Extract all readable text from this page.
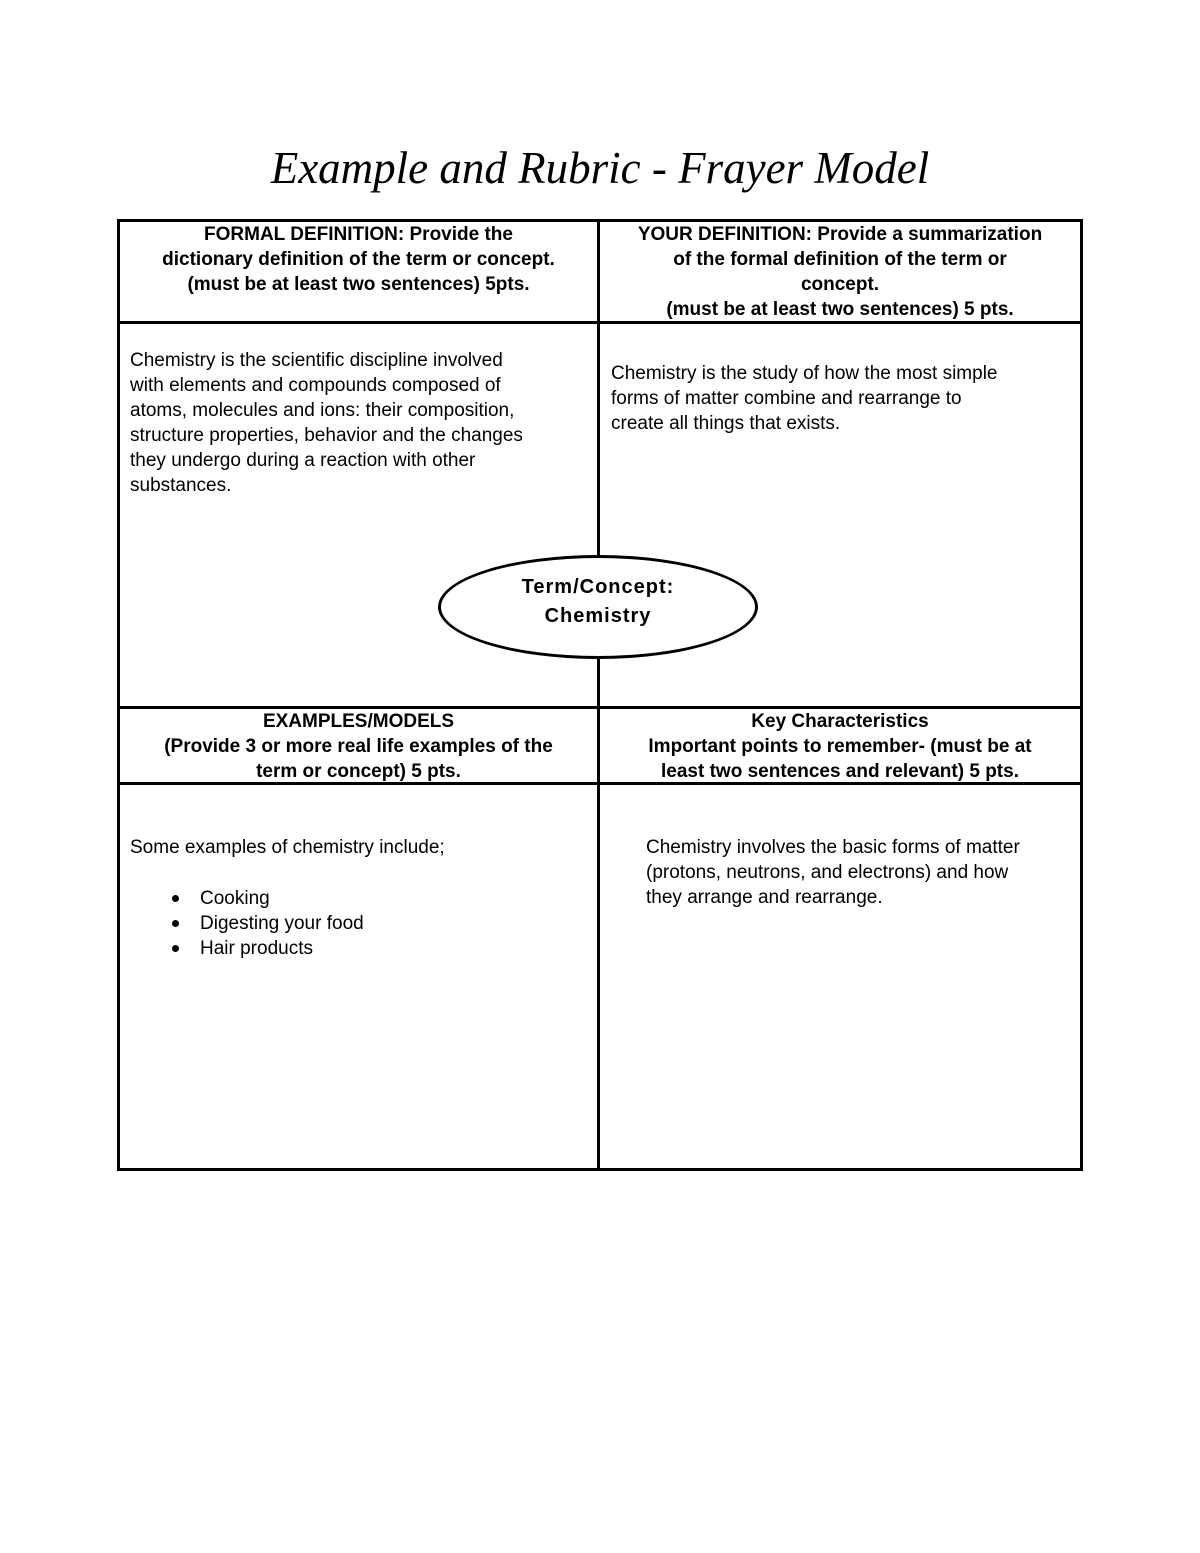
Example and Rubric - Frayer Model
FORMAL DEFINITION: Provide the
dictionary definition of the term or concept.
(must be at least two sentences) 5pts.
YOUR DEFINITION: Provide a summarization
of the formal definition of the term or
concept.
(must be at least two sentences) 5 pts.
Chemistry is the scientific discipline involved
with elements and compounds composed of
atoms, molecules and ions: their composition,
structure properties, behavior and the changes
they undergo during a reaction with other
substances.
Chemistry is the study of how the most simple
forms of matter combine and rearrange to
create all things that exists.
Term/Concept:
Chemistry
EXAMPLES/MODELS
(Provide 3 or more real life examples of the
term or concept) 5 pts.
Key Characteristics
Important points to remember- (must be at
least two sentences and relevant) 5 pts.
Some examples of chemistry include;
Cooking
Digesting your food
Hair products
Chemistry involves the basic forms of matter
(protons, neutrons, and electrons) and how
they arrange and rearrange.
